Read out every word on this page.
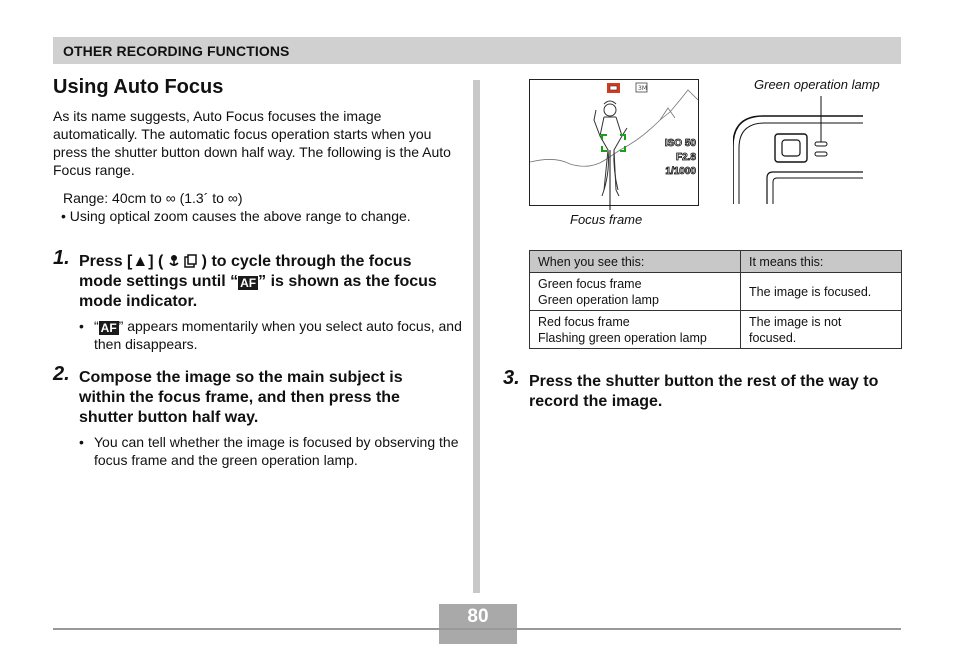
OTHER RECORDING FUNCTIONS
Using Auto Focus
As its name suggests, Auto Focus focuses the image automatically. The automatic focus operation starts when you press the shutter button down half way. The following is the Auto Focus range.
Range: 40cm to ∞ (1.3´ to ∞)
• Using optical zoom causes the above range to change.
1. Press [▲] ( ) to cycle through the focus mode settings until “ AF ” is shown as the focus mode indicator.
• “ AF ” appears momentarily when you select auto focus, and then disappears.
2. Compose the image so the main subject is within the focus frame, and then press the shutter button half way.
• You can tell whether the image is focused by observing the focus frame and the green operation lamp.
3M
ISO 50
F2.8
1/1000
Focus frame
Green operation lamp
When you see this:	It means this:

Green focus frame
Green operation lamp	The image is focused.

Red focus frame
Flashing green operation lamp	The image is not
focused.
3. Press the shutter button the rest of the way to record the image.
80
